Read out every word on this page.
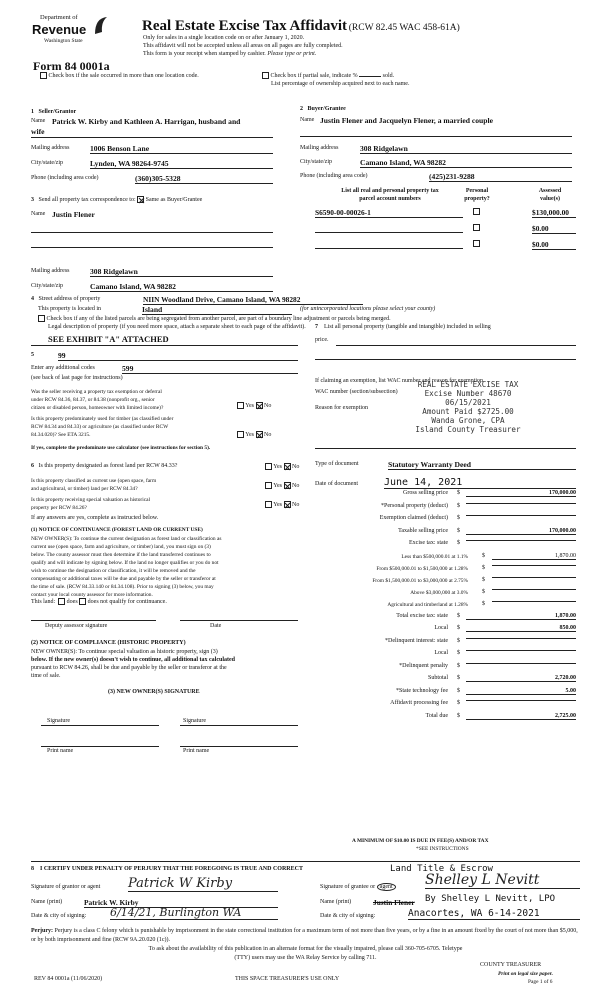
Department of
Revenue
Washington State
Form 84 0001a
Real Estate Excise Tax Affidavit (RCW 82.45 WAC 458-61A)
Only for sales in a single location code on or after January 1, 2020.
This affidavit will not be accepted unless all areas on all pages are fully completed.
This form is your receipt when stamped by cashier. Please type or print.
Check box if the sale occurred in more than one location code.	Check box if partial sale, indicate %	sold.
List percentage of ownership acquired next to each name.
1 Seller/Grantor
Name Patrick W. Kirby and Kathleen A. Harrigan, husband and
wife
Mailing address	1006 Benson Lane
City/state/zip	Lynden, WA 98264-9745
Phone (including area code)	(360)305-5328
2 Buyer/Grantee
Name Justin Flener and Jacquelyn Flener, a married couple
Mailing address	308 Ridgelawn
City/state/zip	Camano Island, WA 98282
Phone (including area code)	(425)231-9288
3 Send all property tax correspondence to: Same as Buyer/Grantee
Name Justin Flener
Mailing address	308 Ridgelawn
City/state/zip	Camano Island, WA 98282
List all real and personal property tax
parcel account numbers
Personal
property?
Assessed
value(s)
S6590-00-00026-1	$130,000.00
$0.00
$0.00
4 Street address of property	NIIN Woodland Drive, Camano Island, WA 98282
This property is located in	Island	(for unincorporated locations please select your county)
Check box if any of the listed parcels are being segregated from another parcel, are part of a boundary line adjustment or parcels being merged.
Legal description of property (if you need more space, attach a separate sheet to each page of the affidavit).
SEE EXHIBIT "A" ATTACHED
5	99
Enter any additional codes	599
(see back of last page for instructions)
Was the seller receiving a property tax exemption or deferral
under RCW 84.36, 84.37, or 84.38 (nonprofit org., senior
citizen or disabled person, homeowner with limited income)?	Yes No
Is this property predominately used for timber (as classified under
RCW 84.34 and 84.33) or agriculture (as classified under RCW
84.34.020)? See ETA 3215.	Yes No
If yes, complete the predominate use calculator (see instructions for section 5).
6 Is this property designated as forest land per RCW 84.33?	Yes No
Is this property classified as current use (open space, farm
and agricultural, or timber) land per RCW 84.34?
Yes No
Is this property receiving special valuation as historical
property per RCW 84.26?
Yes No
If any answers are yes, complete as instructed below.
(1) NOTICE OF CONTINUANCE (FOREST LAND OR CURRENT USE)
NEW OWNER(S): To continue the current designation as forest land or classification as
current use (open space, farm and agriculture, or timber) land, you must sign on (3)
below. The county assessor must then determine if the land transferred continues to
qualify and will indicate by signing below. If the land no longer qualifies or you do not
wish to continue the designation or classification, it will be removed and the
compensating or additional taxes will be due and payable by the seller or transferor at
the time of sale. (RCW 84.33.140 or 84.34.108). Prior to signing (3) below, you may
contact your local county assessor for more information.
This land: does does not qualify for continuance.
Deputy assessor signature	Date
(2) NOTICE OF COMPLIANCE (HISTORIC PROPERTY)
NEW OWNER(S): To continue special valuation as historic property, sign (3)
below. If the new owner(s) doesn't wish to continue, all additional tax calculated
pursuant to RCW 84.26, shall be due and payable by the seller or transferor at the
time of sale.
(3) NEW OWNER(S) SIGNATURE
Signature	Signature
Print name	Print name
7 List all personal property (tangible and intangible) included in selling
price.
If claiming an exemption, list WAC number and reason for exemption.
WAC number (section/subsection)
Reason for exemption
REAL ESTATE EXCISE TAX
Excise Number 48670
06/15/2021
Amount Paid $2725.00
Wanda Grone, CPA
Island County Treasurer
Type of document	Statutory Warranty Deed
Date of document	June 14, 2021
Gross selling price $	170,000.00
*Personal property (deduct) $
Exemption claimed (deduct) $
Taxable selling price $	170,000.00
Excise tax: state $
Less than $500,000.01 at 1.1% $	1,870.00
From $500,000.01 to $1,500,000 at 1.28% $
From $1,500,000.01 to $3,000,000 at 2.75% $
Above $3,000,000 at 3.0% $
Agricultural and timberland at 1.28% $
Total excise tax: state $	1,870.00
Local $	850.00
*Delinquent interest: state $
Local $
*Delinquent penalty $
Subtotal $	2,720.00
*State technology fee $	5.00
Affidavit processing fee $
Total due $	2,725.00
A MINIMUM OF $10.00 IS DUE IN FEE(S) AND/OR TAX
*SEE INSTRUCTIONS
8 I CERTIFY UNDER PENALTY OF PERJURY THAT THE FOREGOING IS TRUE AND CORRECT	Land Title & Escrow
Signature of grantor or agent Patrick W Kirby	Signature of grantee or agent Shelley L Nevitt
Name (print)	Patrick W. Kirby	Name (print)	Justin Flener By Shelley L Nevitt, LPO
Date & city of signing: 6/14/21, Burlington WA	Date & city of signing:	Anacortes, WA 6-14-2021
Perjury: Perjury is a class C felony which is punishable by imprisonment in the state correctional institution for a maximum term of not more than five years, or by a fine in an amount fixed by the court of not more than $5,000, or by both imprisonment and fine (RCW 9A.20.020 (1c)).
To ask about the availability of this publication in an alternate format for the visually impaired, please call 360-705-6705. Teletype
(TTY) users may use the WA Relay Service by calling 711.
REV 84 0001a (11/06/2020)	THIS SPACE TREASURER'S USE ONLY
COUNTY TREASURER
Print on legal size paper.
Page 1 of 6
